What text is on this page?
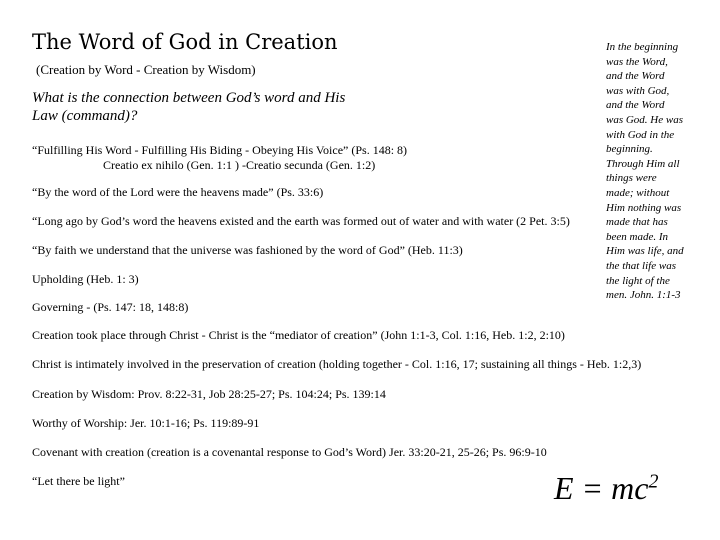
The Word of God in Creation
(Creation by Word - Creation by Wisdom)
What is the connection between God’s word and His Law (command)?
“Fulfilling His Word - Fulfilling His Biding - Obeying His Voice” (Ps. 148: 8)
Creatio ex nihilo (Gen. 1:1 ) -Creatio secunda (Gen. 1:2)
“By the word of the Lord were the heavens made” (Ps. 33:6)
“Long ago by God’s word the heavens existed and the earth was formed out of water and with water (2 Pet. 3:5)
“By faith we understand that the universe was fashioned by the word of God” (Heb. 11:3)
Upholding (Heb. 1: 3)
Governing - (Ps. 147: 18, 148:8)
Creation took place through Christ - Christ is the “mediator of creation” (John 1:1-3, Col. 1:16, Heb. 1:2, 2:10)
Christ is intimately involved in the preservation of creation (holding together - Col. 1:16, 17; sustaining all things - Heb. 1:2,3)
Creation by Wisdom: Prov. 8:22-31, Job 28:25-27; Ps. 104:24; Ps. 139:14
Worthy of Worship: Jer. 10:1-16; Ps. 119:89-91
Covenant with creation (creation is a covenantal response to God’s Word) Jer. 33:20-21, 25-26; Ps. 96:9-10
“Let there be light”
In the beginning
was the Word,
and the Word
was with God,
and the Word
was God. He was
with God in the
beginning.
Through Him all
things were
made; without
Him nothing was
made that has
been made. In
Him was life, and
the that life was
the light of the
men. John. 1:1-3
$E = mc^2$
